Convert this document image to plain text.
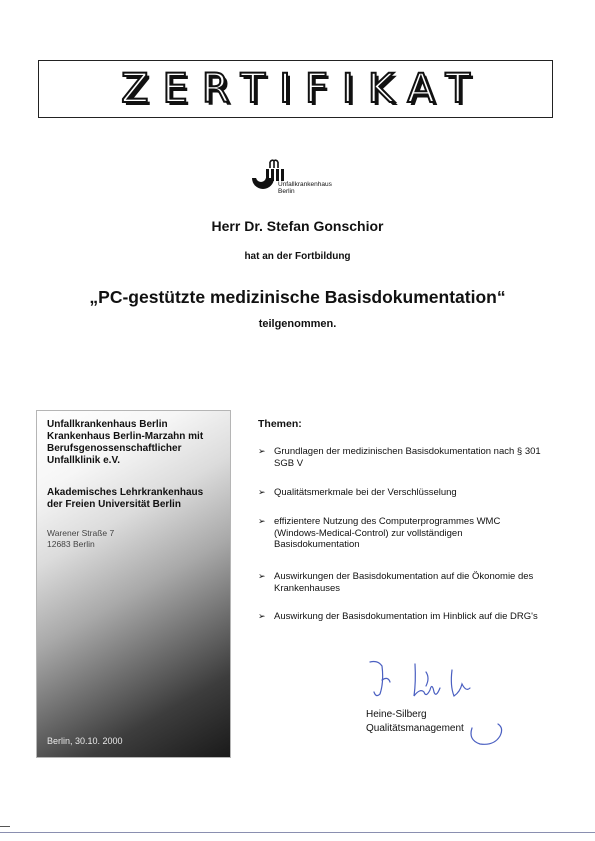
ZERTIFIKAT
Unfallkrankenhaus
Berlin
Herr Dr. Stefan Gonschior
hat an der Fortbildung
„PC-gestützte medizinische Basisdokumentation“
teilgenommen.
Unfallkrankenhaus Berlin
Krankenhaus Berlin-Marzahn mit
Berufsgenossenschaftlicher
Unfallklinik e.V.
Akademisches Lehrkrankenhaus
der Freien Universität Berlin
Warener Straße 7
12683 Berlin
Berlin, 30.10. 2000
Themen:
➢ Grundlagen der medizinischen Basisdokumentation nach § 301 SGB V
➢ Qualitätsmerkmale bei der Verschlüsselung
➢ effizientere Nutzung des Computerprogrammes WMC (Windows-Medical-Control) zur vollständigen Basisdokumentation
➢ Auswirkungen der Basisdokumentation auf die Ökonomie des Krankenhauses
➢ Auswirkung der Basisdokumentation im Hinblick auf die DRG's
Heine-Silberg
Qualitätsmanagement
